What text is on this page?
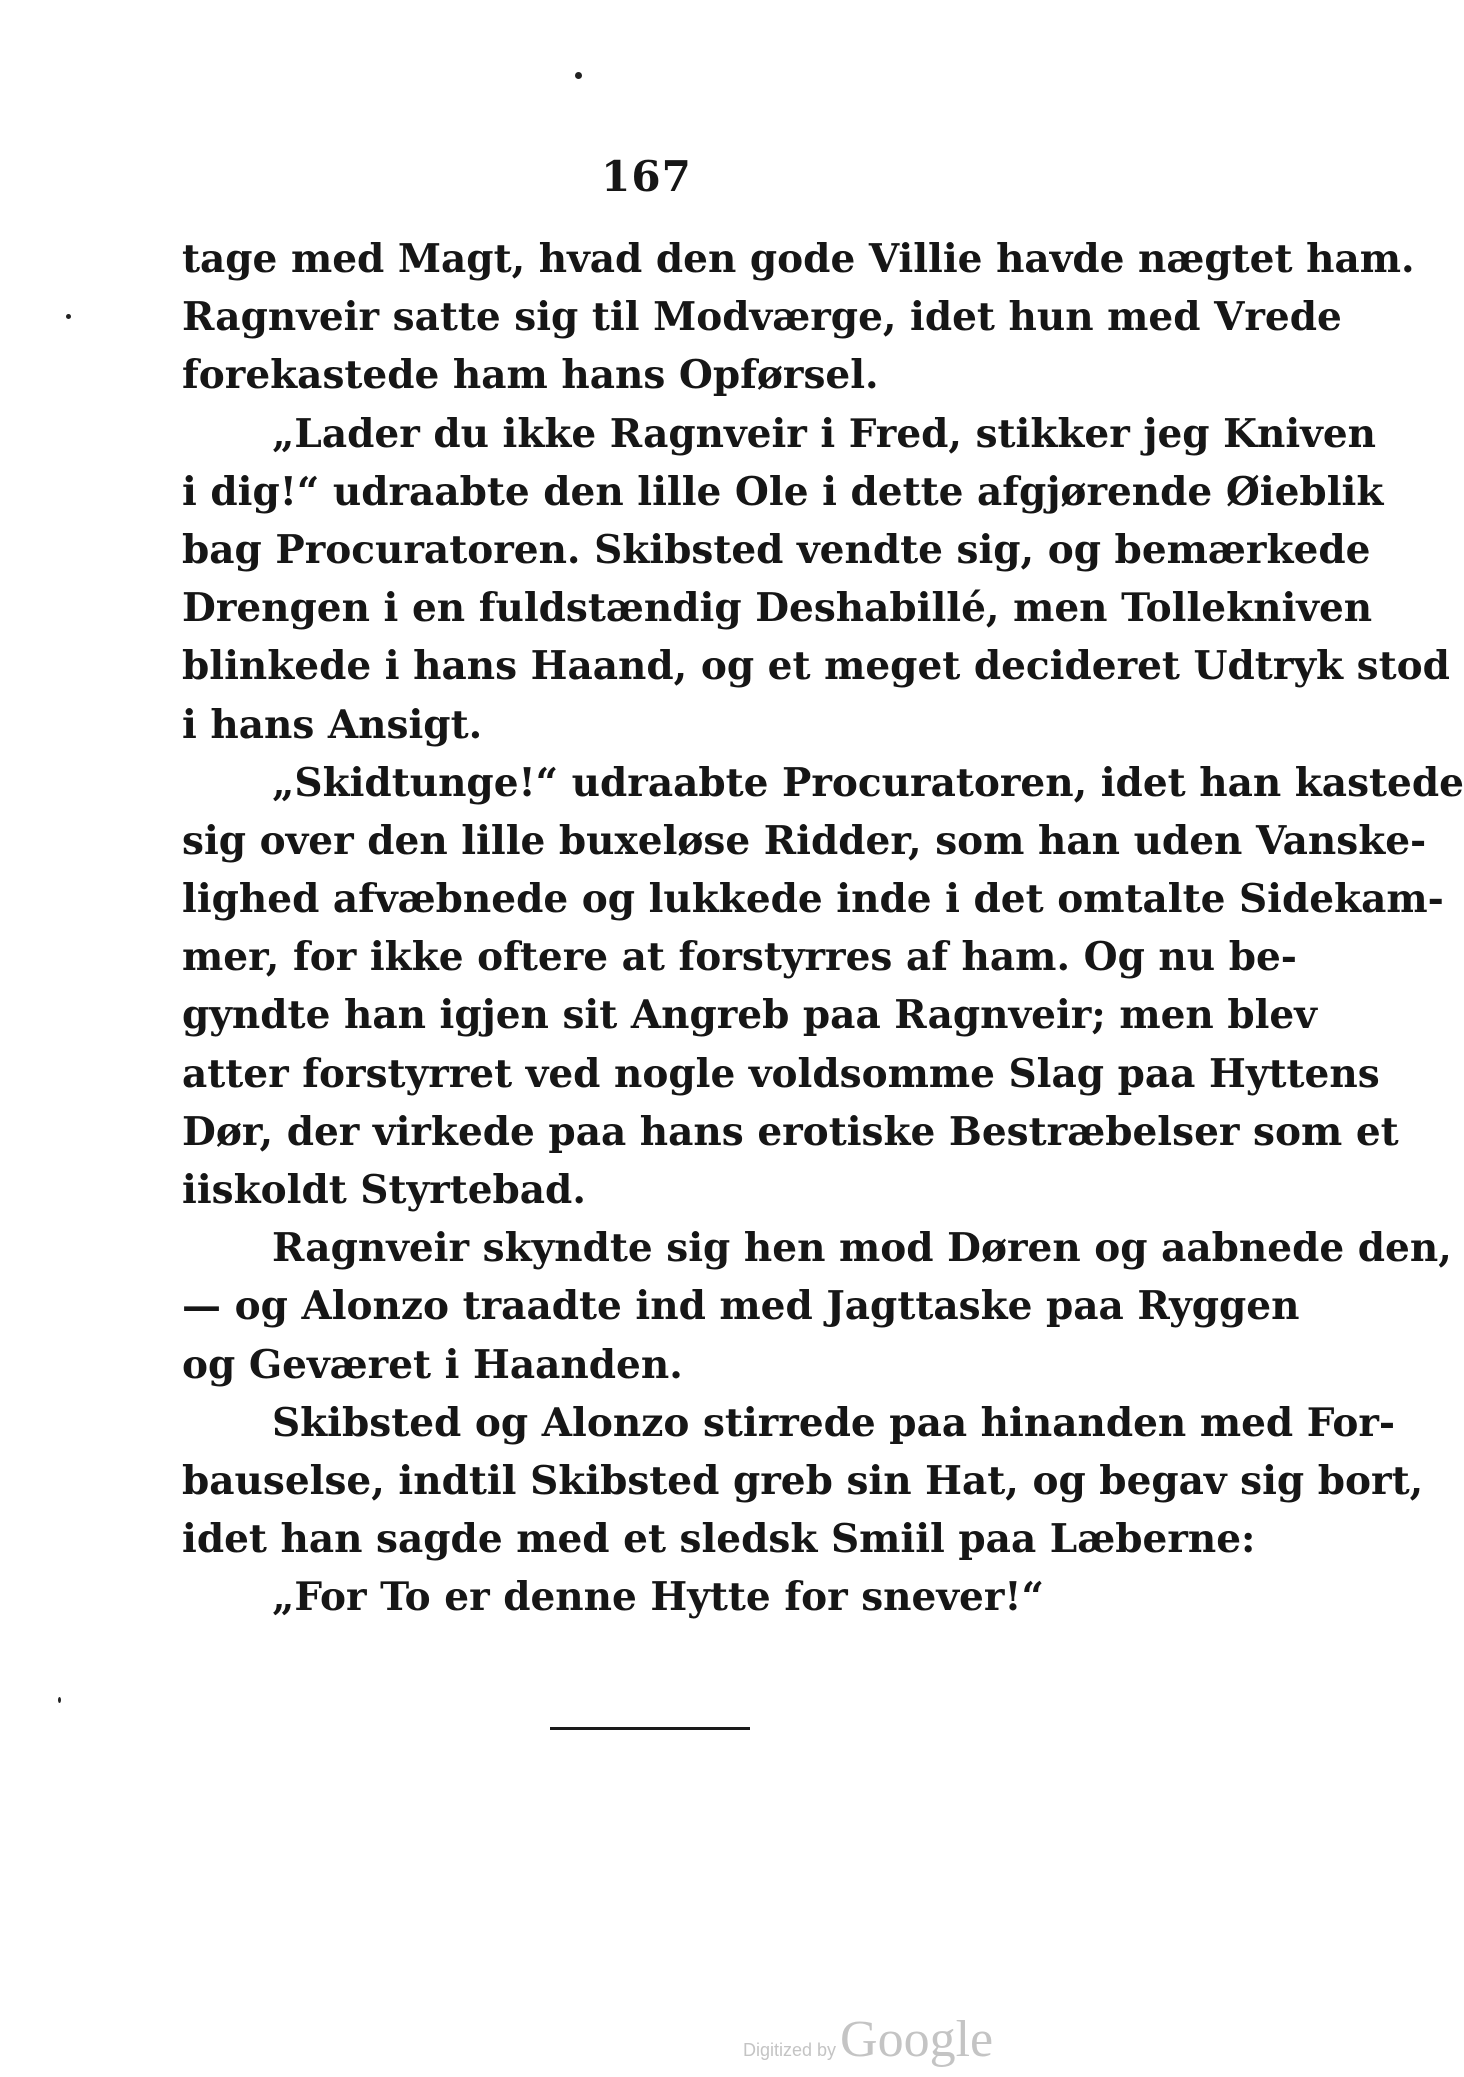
167
tage med Magt, hvad den gode Villie havde nægtet ham.
Ragnveir satte sig til Modværge, idet hun med Vrede
forekastede ham hans Opførsel.
„Lader du ikke Ragnveir i Fred, stikker jeg Kniven
i dig!“ udraabte den lille Ole i dette afgjørende Øieblik
bag Procuratoren. Skibsted vendte sig, og bemærkede
Drengen i en fuldstændig Deshabillé, men Tollekniven
blinkede i hans Haand, og et meget decideret Udtryk stod
i hans Ansigt.
„Skidtunge!“ udraabte Procuratoren, idet han kastede
sig over den lille buxeløse Ridder, som han uden Vanske-
lighed afvæbnede og lukkede inde i det omtalte Sidekam-
mer, for ikke oftere at forstyrres af ham. Og nu be-
gyndte han igjen sit Angreb paa Ragnveir; men blev
atter forstyrret ved nogle voldsomme Slag paa Hyttens
Dør, der virkede paa hans erotiske Bestræbelser som et
iiskoldt Styrtebad.
Ragnveir skyndte sig hen mod Døren og aabnede den,
— og Alonzo traadte ind med Jagttaske paa Ryggen
og Geværet i Haanden.
Skibsted og Alonzo stirrede paa hinanden med For-
bauselse, indtil Skibsted greb sin Hat, og begav sig bort,
idet han sagde med et sledsk Smiil paa Læberne:
„For To er denne Hytte for snever!“
Digitized byGoogle
